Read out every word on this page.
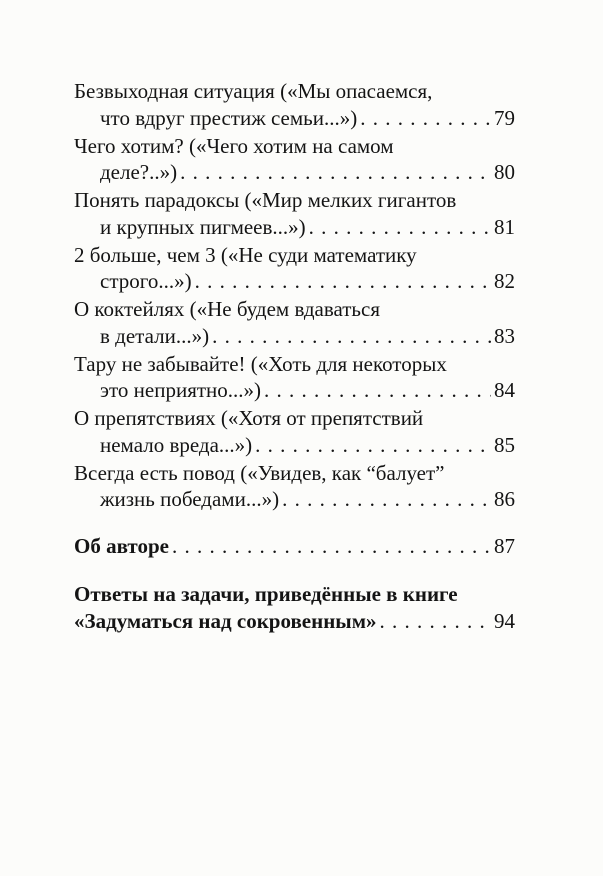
Безвыходная ситуация («Мы опасаемся,
что вдруг престиж семьи...») . . .	79
Чего хотим? («Чего хотим на самом
деле?..») . . .	80
Понять парадоксы («Мир мелких гигантов
и крупных пигмеев...») . . .	81
2 больше, чем 3 («Не суди математику
строго...») . . .	82
О коктейлях («Не будем вдаваться
в детали...») . . .	83
Тару не забывайте! («Хоть для некоторых
это неприятно...») . . .	84
О препятствиях («Хотя от препятствий
немало вреда...») . . .	85
Всегда есть повод («Увидев, как “балует”
жизнь победами...») . . .	86
Об авторе . . .	87
Ответы на задачи, приведённые в книге
«Задуматься над сокровенным» . . .	94
